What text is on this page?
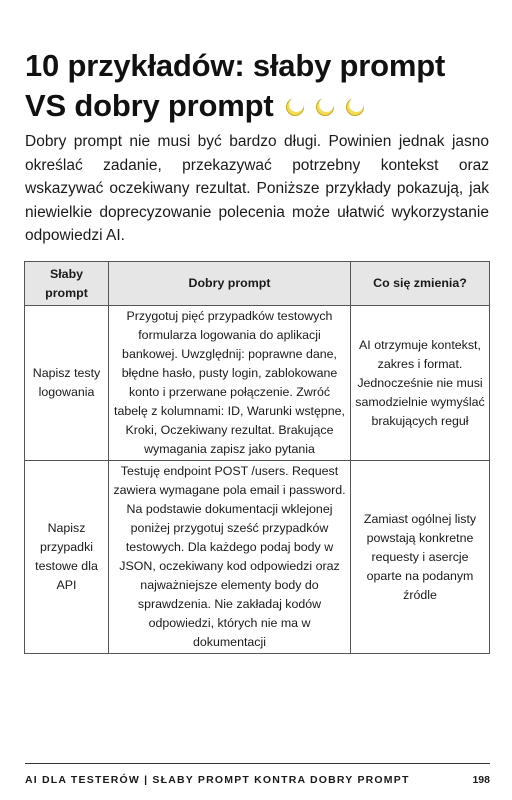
10 przykładów: słaby prompt
VS dobry prompt

Dobry prompt nie musi być bardzo długi. Powinien jednak jasno określać zadanie, przekazywać potrzebny kontekst oraz wskazywać oczekiwany rezultat. Poniższe przykłady pokazują, jak niewielkie doprecyzowanie polecenia może ułatwić wykorzystanie odpowiedzi AI.

Słaby prompt	Dobry prompt	Co się zmienia?
Napisz testy logowania	Przygotuj pięć przypadków testowych formularza logowania do aplikacji bankowej. Uwzględnij: poprawne dane, błędne hasło, pusty login, zablokowane konto i przerwane połączenie. Zwróć tabelę z kolumnami: ID, Warunki wstępne, Kroki, Oczekiwany rezultat. Brakujące wymagania zapisz jako pytania	AI otrzymuje kontekst, zakres i format. Jednocześnie nie musi samodzielnie wymyślać brakujących reguł
Napisz przypadki testowe dla API	Testuję endpoint POST /users. Request zawiera wymagane pola email i password. Na podstawie dokumentacji wklejonej poniżej przygotuj sześć przypadków testowych. Dla każdego podaj body w JSON, oczekiwany kod odpowiedzi oraz najważniejsze elementy body do sprawdzenia. Nie zakładaj kodów odpowiedzi, których nie ma w dokumentacji	Zamiast ogólnej listy powstają konkretne requesty i asercje oparte na podanym źródle
AI DLA TESTERÓW | SŁABY PROMPT KONTRA DOBRY PROMPT	198
